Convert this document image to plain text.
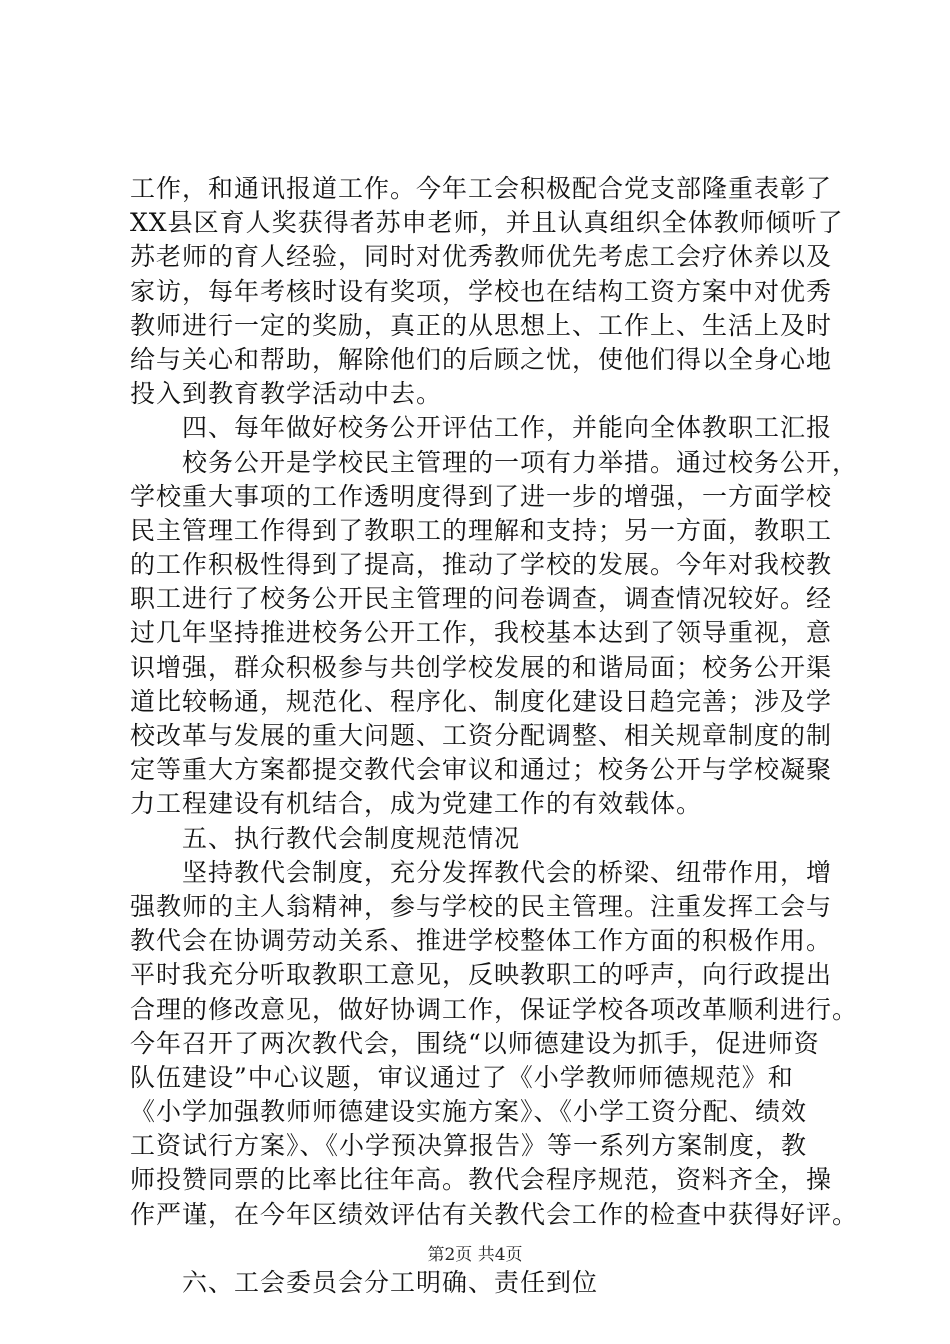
工作，和通讯报道工作。今年工会积极配合党支部隆重表彰了
XX县区育人奖获得者苏申老师，并且认真组织全体教师倾听了
苏老师的育人经验，同时对优秀教师优先考虑工会疗休养以及
家访，每年考核时设有奖项，学校也在结构工资方案中对优秀
教师进行一定的奖励，真正的从思想上、工作上、生活上及时
给与关心和帮助，解除他们的后顾之忧，使他们得以全身心地
投入到教育教学活动中去。
　　四、每年做好校务公开评估工作，并能向全体教职工汇报
　　校务公开是学校民主管理的一项有力举措。通过校务公开，
学校重大事项的工作透明度得到了进一步的增强，一方面学校
民主管理工作得到了教职工的理解和支持；另一方面，教职工
的工作积极性得到了提高，推动了学校的发展。今年对我校教
职工进行了校务公开民主管理的问卷调查，调查情况较好。经
过几年坚持推进校务公开工作，我校基本达到了领导重视，意
识增强，群众积极参与共创学校发展的和谐局面；校务公开渠
道比较畅通，规范化、程序化、制度化建设日趋完善；涉及学
校改革与发展的重大问题、工资分配调整、相关规章制度的制
定等重大方案都提交教代会审议和通过；校务公开与学校凝聚
力工程建设有机结合，成为党建工作的有效载体。
　　五、执行教代会制度规范情况
　　坚持教代会制度，充分发挥教代会的桥梁、纽带作用，增
强教师的主人翁精神，参与学校的民主管理。注重发挥工会与
教代会在协调劳动关系、推进学校整体工作方面的积极作用。
平时我充分听取教职工意见，反映教职工的呼声，向行政提出
合理的修改意见，做好协调工作，保证学校各项改革顺利进行。
今年召开了两次教代会，围绕“以师德建设为抓手，促进师资
队伍建设”中心议题，审议通过了《小学教师师德规范》和
《小学加强教师师德建设实施方案》、《小学工资分配、绩效
工资试行方案》、《小学预决算报告》等一系列方案制度，教
师投赞同票的比率比往年高。教代会程序规范，资料齐全，操
作严谨，在今年区绩效评估有关教代会工作的检查中获得好评。
　　六、工会委员会分工明确、责任到位
第2页 共4页
